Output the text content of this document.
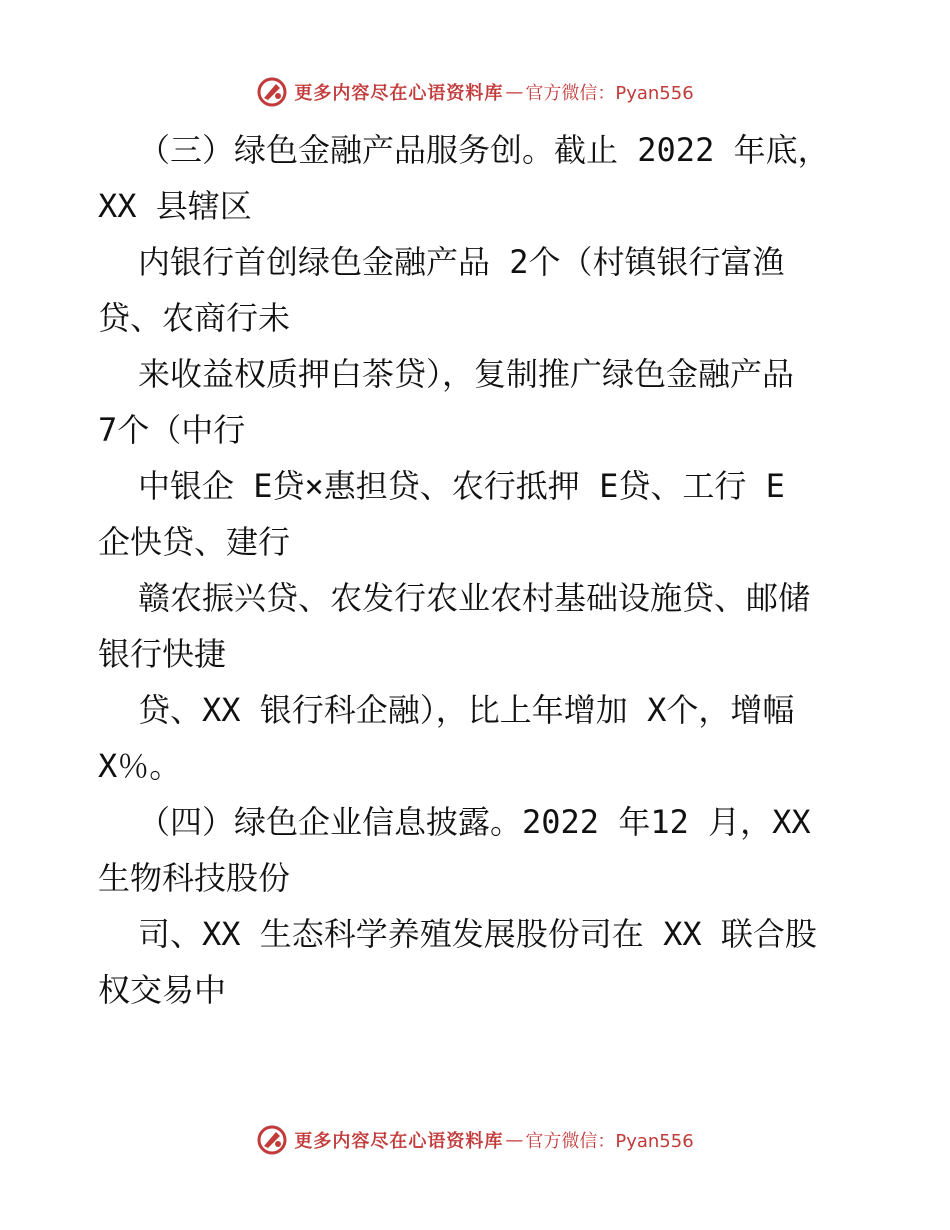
更多内容尽在心语资料库 — 官方微信：Pyan556
（三）绿色金融产品服务创。截止 2022 年底，
XX 县辖区
内银行首创绿色金融产品 2个（村镇银行富渔
贷、农商行未
来收益权质押白茶贷），复制推广绿色金融产品
7个（中行
中银企 E贷×惠担贷、农行抵押 E贷、工行 E
企快贷、建行
赣农振兴贷、农发行农业农村基础设施贷、邮储
银行快捷
贷、XX 银行科企融），比上年增加 X个，增幅
X％。
（四）绿色企业信息披露。2022 年12 月，XX
生物科技股份
司、XX 生态科学养殖发展股份司在 XX 联合股
权交易中
更多内容尽在心语资料库 — 官方微信：Pyan556
